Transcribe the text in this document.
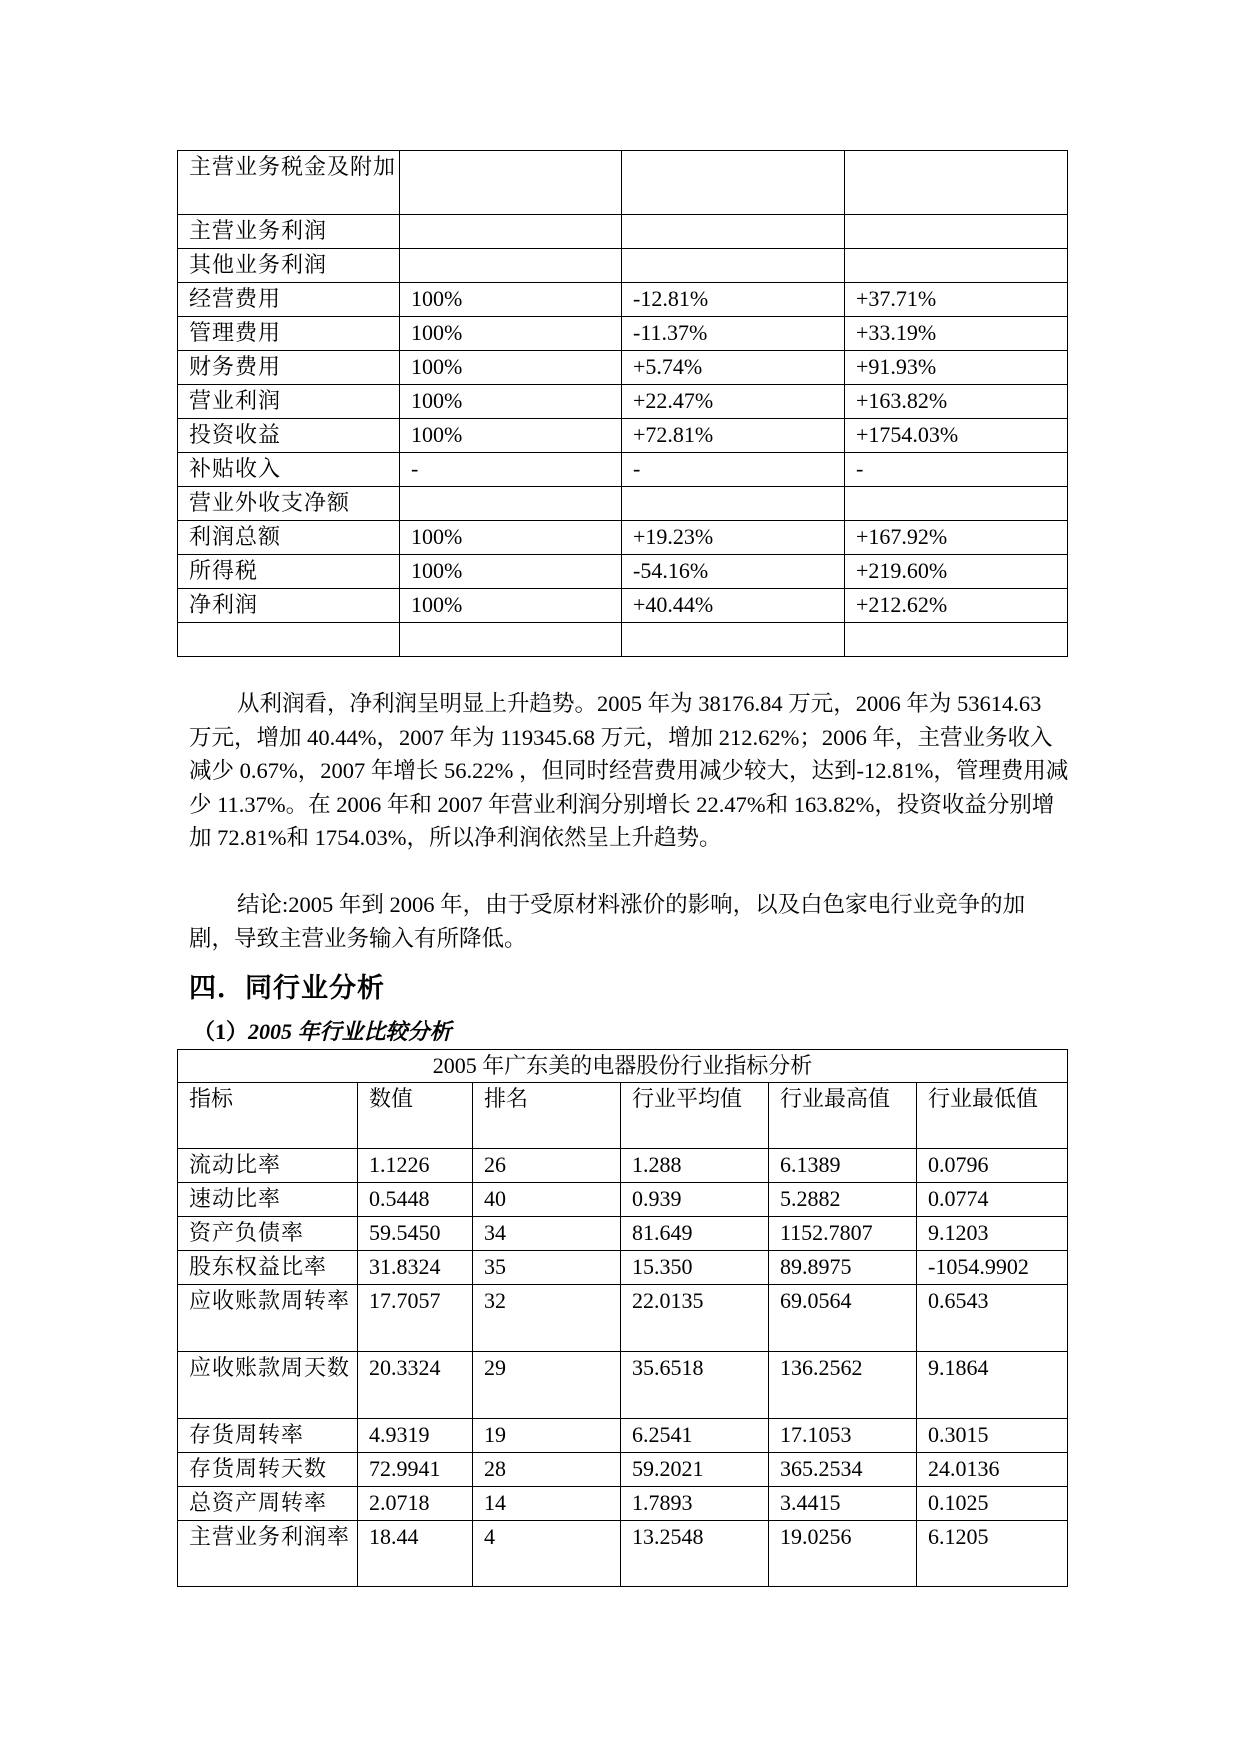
主营业务税金及附加			
主营业务利润			
其他业务利润			
经营费用	100%	-12.81%	+37.71%
管理费用	100%	-11.37%	+33.19%
财务费用	100%	+5.74%	+91.93%
营业利润	100%	+22.47%	+163.82%
投资收益	100%	+72.81%	+1754.03%
补贴收入	-	-	-
营业外收支净额			
利润总额	100%	+19.23%	+167.92%
所得税	100%	-54.16%	+219.60%
净利润	100%	+40.44%	+212.62%

从利润看，净利润呈明显上升趋势。2005 年为 38176.84 万元，2006 年为 53614.63 万元，增加 40.44%，2007 年为 119345.68 万元，增加 212.62%；2006 年，主营业务收入减少 0.67%，2007 年增长 56.22% ，但同时经营费用减少较大，达到-12.81%，管理费用减少 11.37%。在 2006 年和 2007 年营业利润分别增长 22.47%和 163.82%，投资收益分别增加 72.81%和 1754.03%，所以净利润依然呈上升趋势。

结论:2005 年到 2006 年，由于受原材料涨价的影响，以及白色家电行业竞争的加剧，导致主营业务输入有所降低。

四．同行业分析
（1）2005 年行业比较分析
2005 年广东美的电器股份行业指标分析					
指标	数值	排名	行业平均值	行业最高值	行业最低值
流动比率	1.1226	26	1.288	6.1389	0.0796
速动比率	0.5448	40	0.939	5.2882	0.0774
资产负债率	59.5450	34	81.649	1152.7807	9.1203
股东权益比率	31.8324	35	15.350	89.8975	-1054.9902
应收账款周转率	17.7057	32	22.0135	69.0564	0.6543
应收账款周天数	20.3324	29	35.6518	136.2562	9.1864
存货周转率	4.9319	19	6.2541	17.1053	0.3015
存货周转天数	72.9941	28	59.2021	365.2534	24.0136
总资产周转率	2.0718	14	1.7893	3.4415	0.1025
主营业务利润率	18.44	4	13.2548	19.0256	6.1205
